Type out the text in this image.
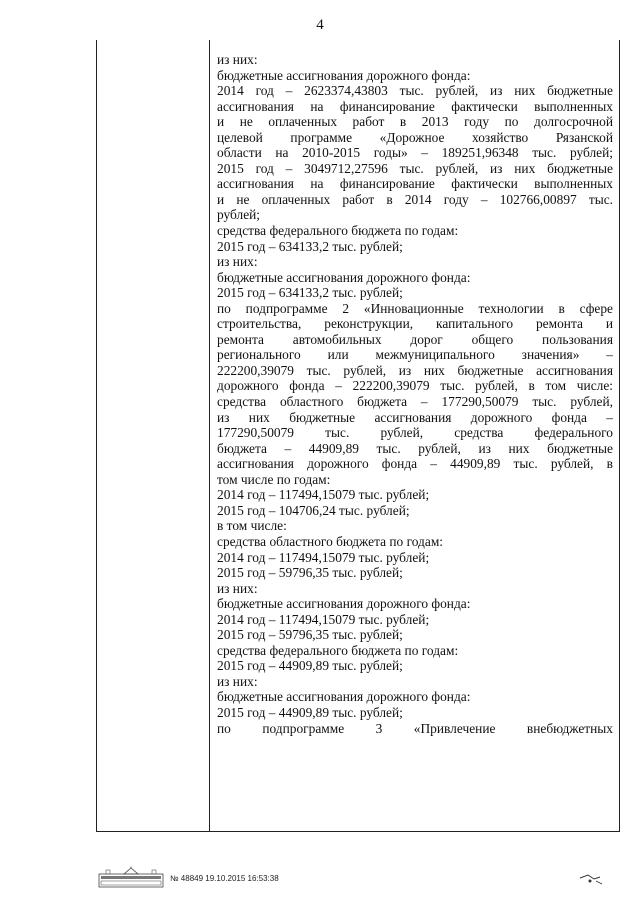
4
из них:
бюджетные ассигнования дорожного фонда:
2014 год – 2623374,43803 тыс. рублей, из них бюджетные
ассигнования на финансирование фактически выполненных
и не оплаченных работ в 2013 году по долгосрочной
целевой программе «Дорожное хозяйство Рязанской
области на 2010-2015 годы» – 189251,96348 тыс. рублей;
2015 год – 3049712,27596 тыс. рублей, из них бюджетные
ассигнования на финансирование фактически выполненных
и не оплаченных работ в 2014 году – 102766,00897 тыс.
рублей;
средства федерального бюджета по годам:
2015 год – 634133,2 тыс. рублей;
из них:
бюджетные ассигнования дорожного фонда:
2015 год – 634133,2 тыс. рублей;
по подпрограмме 2 «Инновационные технологии в сфере
строительства, реконструкции, капитального ремонта и
ремонта автомобильных дорог общего пользования
регионального или межмуниципального значения» –
222200,39079 тыс. рублей, из них бюджетные ассигнования
дорожного фонда – 222200,39079 тыс. рублей, в том числе:
средства областного бюджета – 177290,50079 тыс. рублей,
из них бюджетные ассигнования дорожного фонда –
177290,50079 тыс. рублей, средства федерального
бюджета – 44909,89 тыс. рублей, из них бюджетные
ассигнования дорожного фонда – 44909,89 тыс. рублей, в
том числе по годам:
2014 год – 117494,15079 тыс. рублей;
2015 год – 104706,24 тыс. рублей;
в том числе:
средства областного бюджета по годам:
2014 год – 117494,15079 тыс. рублей;
2015 год – 59796,35 тыс. рублей;
из них:
бюджетные ассигнования дорожного фонда:
2014 год – 117494,15079 тыс. рублей;
2015 год – 59796,35 тыс. рублей;
средства федерального бюджета по годам:
2015 год – 44909,89 тыс. рублей;
из них:
бюджетные ассигнования дорожного фонда:
2015 год – 44909,89 тыс. рублей;
по подпрограмме 3 «Привлечение внебюджетных
№ 48849 19.10.2015 16:53:38
